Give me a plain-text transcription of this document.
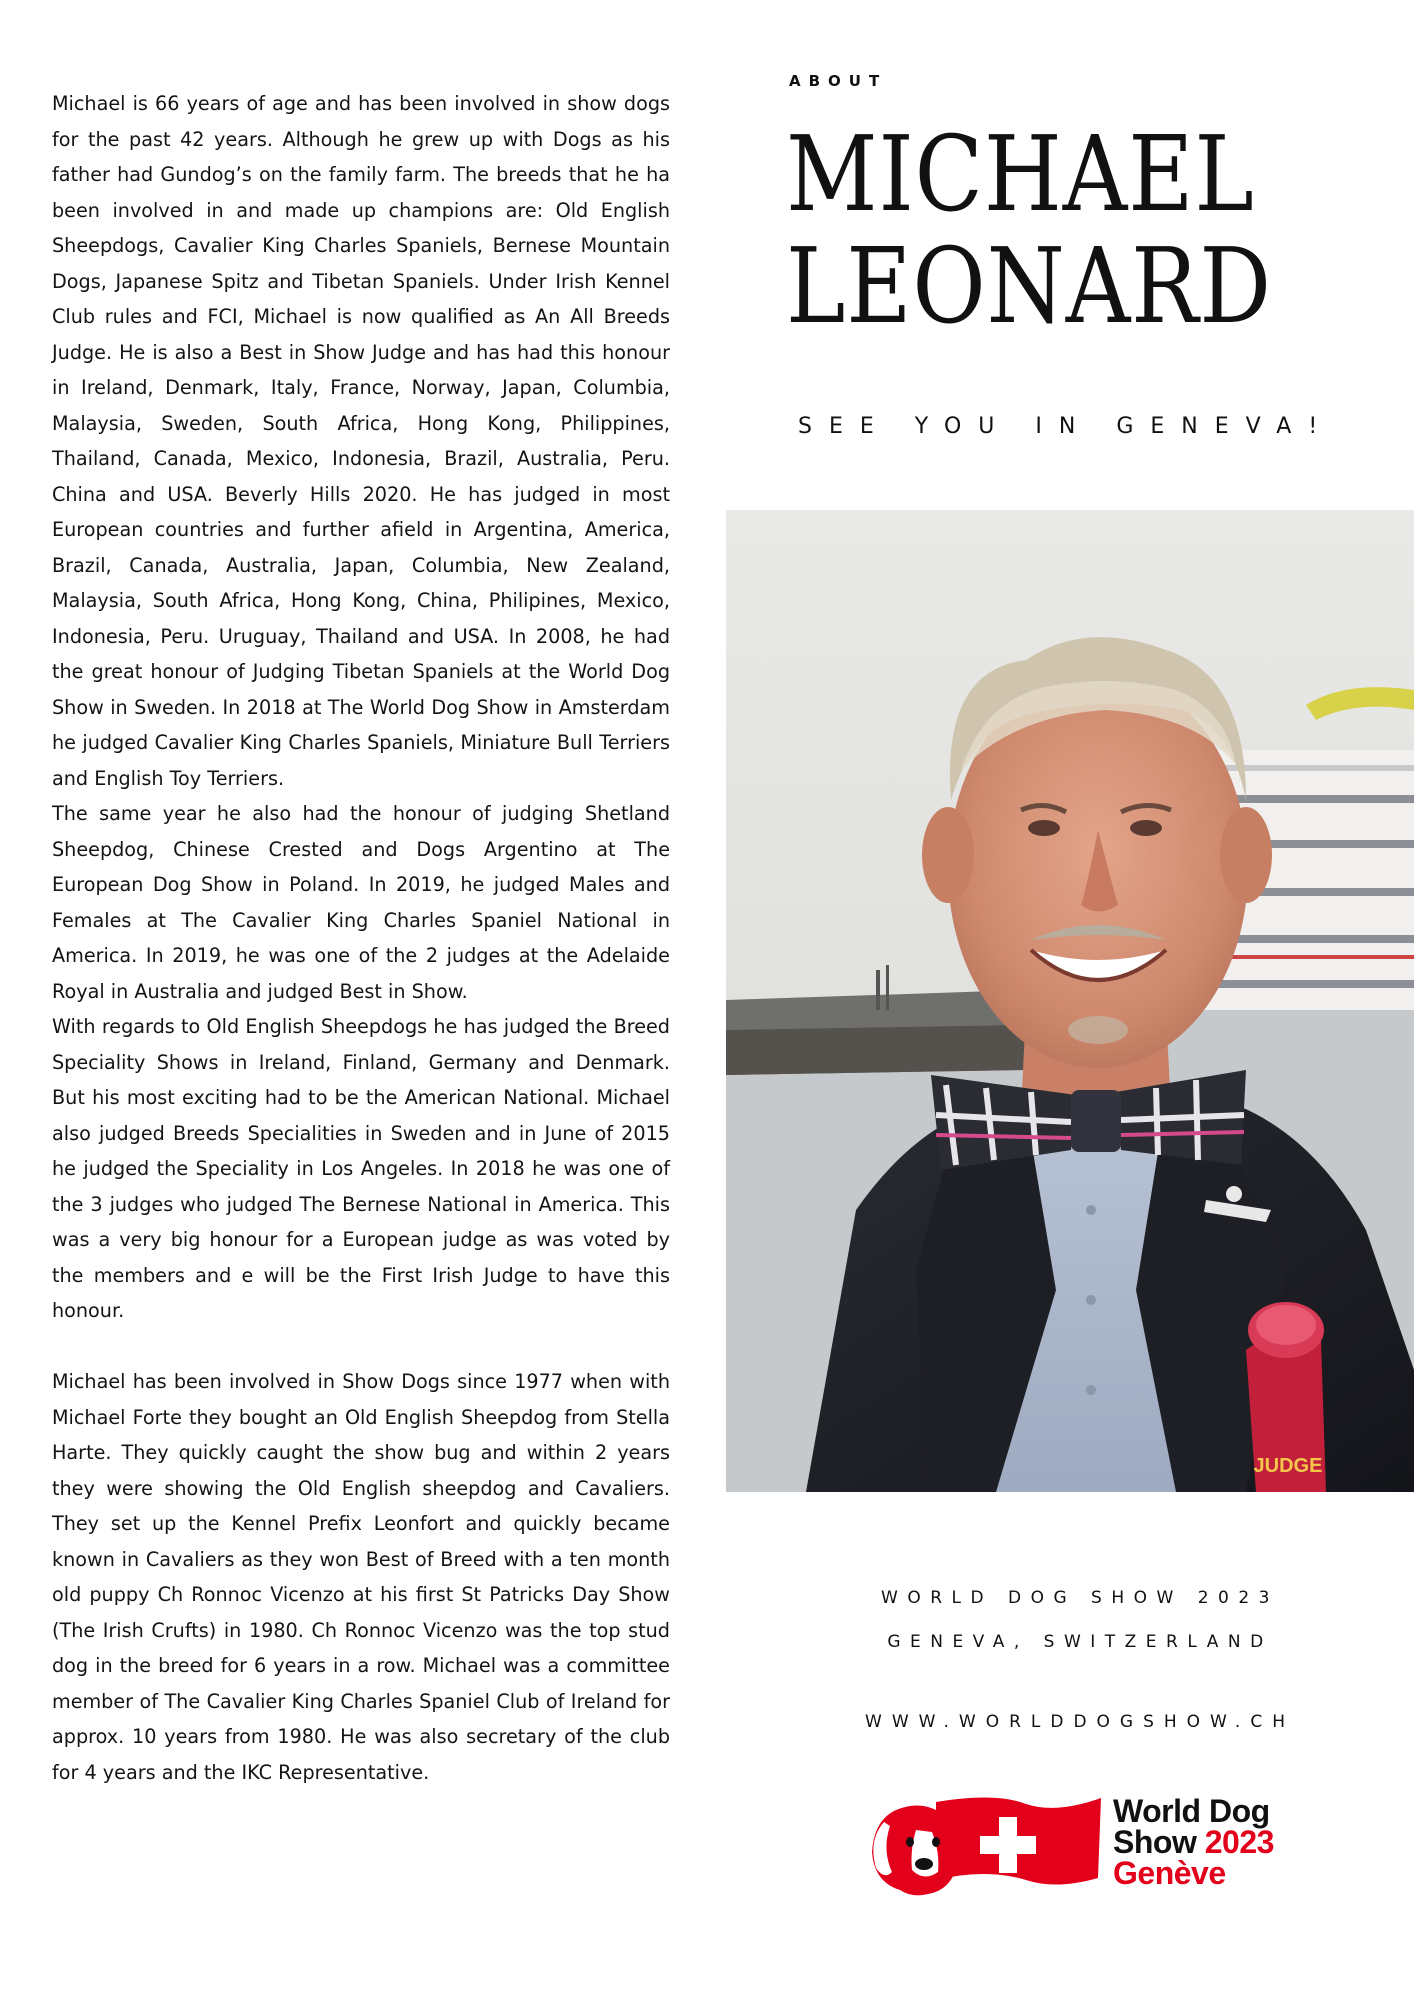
Michael is 66 years of age and has been involved in show dogs for the past 42 years. Although he grew up with Dogs as his father had Gundog’s on the family farm. The breeds that he ha been involved in and made up champions are: Old English Sheepdogs, Cavalier King Charles Spaniels, Bernese Mountain Dogs, Japanese Spitz and Tibetan Spaniels. Under Irish Kennel Club rules and FCI, Michael is now qualified as An All Breeds Judge. He is also a Best in Show Judge and has had this honour in Ireland, Denmark, Italy, France, Norway, Japan, Columbia, Malaysia, Sweden, South Africa, Hong Kong, Philippines, Thailand, Canada, Mexico, Indonesia, Brazil, Australia, Peru. China and USA. Beverly Hills 2020. He has judged in most European countries and further afield in Argentina, America, Brazil, Canada, Australia, Japan, Columbia, New Zealand, Malaysia, South Africa, Hong Kong, China, Philipines, Mexico, Indonesia, Peru. Uruguay, Thailand and USA. In 2008, he had the great honour of Judging Tibetan Spaniels at the World Dog Show in Sweden. In 2018 at The World Dog Show in Amsterdam he judged Cavalier King Charles Spaniels, Miniature Bull Terriers and English Toy Terriers.

The same year he also had the honour of judging Shetland Sheepdog, Chinese Crested and Dogs Argentino at The European Dog Show in Poland. In 2019, he judged Males and Females at The Cavalier King Charles Spaniel National in America. In 2019, he was one of the 2 judges at the Adelaide Royal in Australia and judged Best in Show.

With regards to Old English Sheepdogs he has judged the Breed Speciality Shows in Ireland, Finland, Germany and Denmark. But his most exciting had to be the American National. Michael also judged Breeds Specialities in Sweden and in June of 2015 he judged the Speciality in Los Angeles. In 2018 he was one of the 3 judges who judged The Bernese National in America. This was a very big honour for a European judge as was voted by the members and e will be the First Irish Judge to have this honour.

Michael has been involved in Show Dogs since 1977 when with Michael Forte they bought an Old English Sheepdog from Stella Harte. They quickly caught the show bug and within 2 years they were showing the Old English sheepdog and Cavaliers. They set up the Kennel Prefix Leonfort and quickly became known in Cavaliers as they won Best of Breed with a ten month old puppy Ch Ronnoc Vicenzo at his first St Patricks Day Show (The Irish Crufts) in 1980. Ch Ronnoc Vicenzo was the top stud dog in the breed for 6 years in a row. Michael was a committee member of The Cavalier King Charles Spaniel Club of Ireland for approx. 10 years from 1980. He was also secretary of the club for 4 years and the IKC Representative.

ABOUT
MICHAEL
LEONARD
SEE YOU IN GENEVA!
JUDGE
WORLD DOG SHOW 2023
GENEVA, SWITZERLAND
WWW.WORLDDOGSHOW.CH
World Dog
Show 2023
Genève
